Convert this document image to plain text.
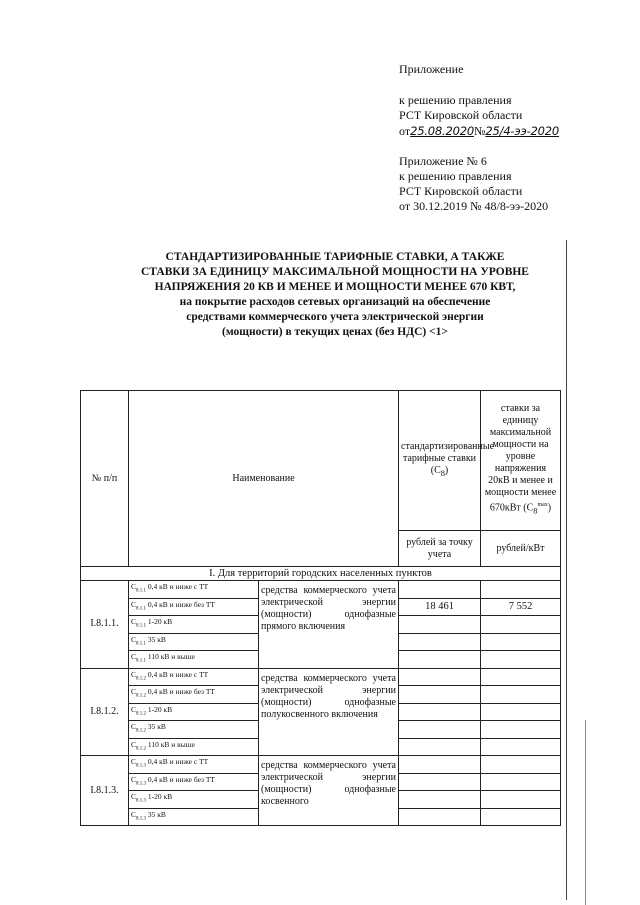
Приложение
к решению правления
РСТ Кировской области
от25.08.2020№25/4-ээ-2020
Приложение № 6
к решению правления
РСТ Кировской области
от 30.12.2019 № 48/8-ээ-2020
СТАНДАРТИЗИРОВАННЫЕ ТАРИФНЫЕ СТАВКИ, А ТАКЖЕ
СТАВКИ ЗА ЕДИНИЦУ МАКСИМАЛЬНОЙ МОЩНОСТИ НА УРОВНЕ
НАПРЯЖЕНИЯ 20 КВ И МЕНЕЕ И МОЩНОСТИ МЕНЕЕ 670 КВТ,
на покрытие расходов сетевых организаций на обеспечение
средствами коммерческого учета электрической энергии
(мощности) в текущих ценах (без НДС) <1>
№ п/п	Наименование		стандартизированные тарифные ставки $(C_8)$	ставки за единицу максимальной мощности на уровне напряжения 20кВ и менее и мощности менее 670кВт $(C_8^{max})$
			рублей за точку учета	рублей/кВт
I. Для территорий городских населенных пунктов				
I.8.1.1.	$C_{8.1.1}$ 0,4 кВ и ниже с ТТ	средства коммерческого учета электрической энергии (мощности) однофазные прямого включения		
	$C_{8.1.1}$ 0,4 кВ и ниже без ТТ		18 461	7 552
	$C_{8.1.1}$ 1-20 кВ			
	$C_{8.1.1}$ 35 кВ			
	$C_{8.1.1}$ 110 кВ и выше			
I.8.1.2.	$C_{8.1.2}$ 0,4 кВ и ниже с ТТ	средства коммерческого учета электрической энергии (мощности) однофазные полукосвенного включения		
	$C_{8.1.2}$ 0,4 кВ и ниже без ТТ			
	$C_{8.1.2}$ 1-20 кВ			
	$C_{8.1.2}$ 35 кВ			
	$C_{8.1.2}$ 110 кВ и выше			
I.8.1.3.	$C_{8.1.3}$ 0,4 кВ и ниже с ТТ	средства коммерческого учета электрической энергии (мощности) однофазные косвенного		
	$C_{8.1.3}$ 0,4 кВ и ниже без ТТ			
	$C_{8.1.3}$ 1-20 кВ			
	$C_{8.1.3}$ 35 кВ			
